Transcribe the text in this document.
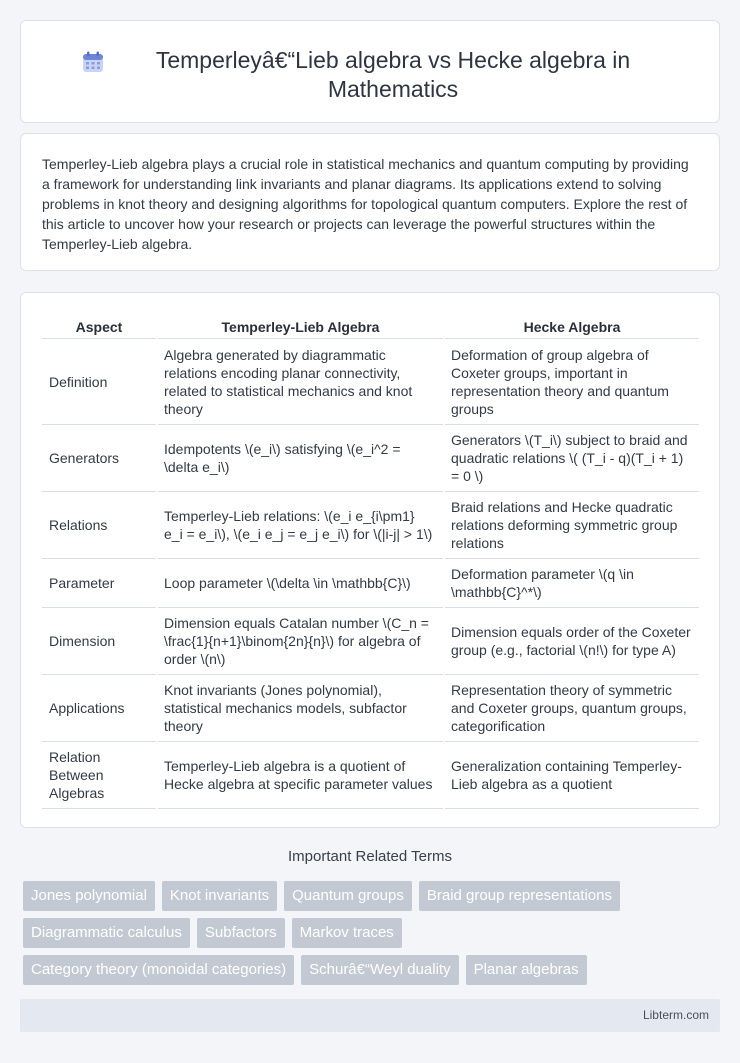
Temperleyâ€“Lieb algebra vs Hecke algebra in Mathematics

Temperley-Lieb algebra plays a crucial role in statistical mechanics and quantum computing by providing a framework for understanding link invariants and planar diagrams. Its applications extend to solving problems in knot theory and designing algorithms for topological quantum computers. Explore the rest of this article to uncover how your research or projects can leverage the powerful structures within the Temperley-Lieb algebra.

Aspect	Temperley-Lieb Algebra	Hecke Algebra
Definition	Algebra generated by diagrammatic relations encoding planar connectivity, related to statistical mechanics and knot theory	Deformation of group algebra of Coxeter groups, important in representation theory and quantum groups
Generators	Idempotents \(e_i\) satisfying \(e_i^2 = \delta e_i\)	Generators \(T_i\) subject to braid and quadratic relations \( (T_i - q)(T_i + 1) = 0 \)
Relations	Temperley-Lieb relations: \(e_i e_{i\pm1} e_i = e_i\), \(e_i e_j = e_j e_i\) for \(|i-j| > 1\)	Braid relations and Hecke quadratic relations deforming symmetric group relations
Parameter	Loop parameter \(\delta \in \mathbb{C}\)	Deformation parameter \(q \in \mathbb{C}^*\)
Dimension	Dimension equals Catalan number \(C_n = \frac{1}{n+1}\binom{2n}{n}\) for algebra of order \(n\)	Dimension equals order of the Coxeter group (e.g., factorial \(n!\) for type A)
Applications	Knot invariants (Jones polynomial), statistical mechanics models, subfactor theory	Representation theory of symmetric and Coxeter groups, quantum groups, categorification
Relation Between Algebras	Temperley-Lieb algebra is a quotient of Hecke algebra at specific parameter values	Generalization containing Temperley-Lieb algebra as a quotient
Important Related Terms
Jones polynomial	Knot invariants	Quantum groups	Braid group representations
Diagrammatic calculus	Subfactors	Markov traces
Category theory (monoidal categories)	Schurâ€“Weyl duality	Planar algebras
Libterm.com
